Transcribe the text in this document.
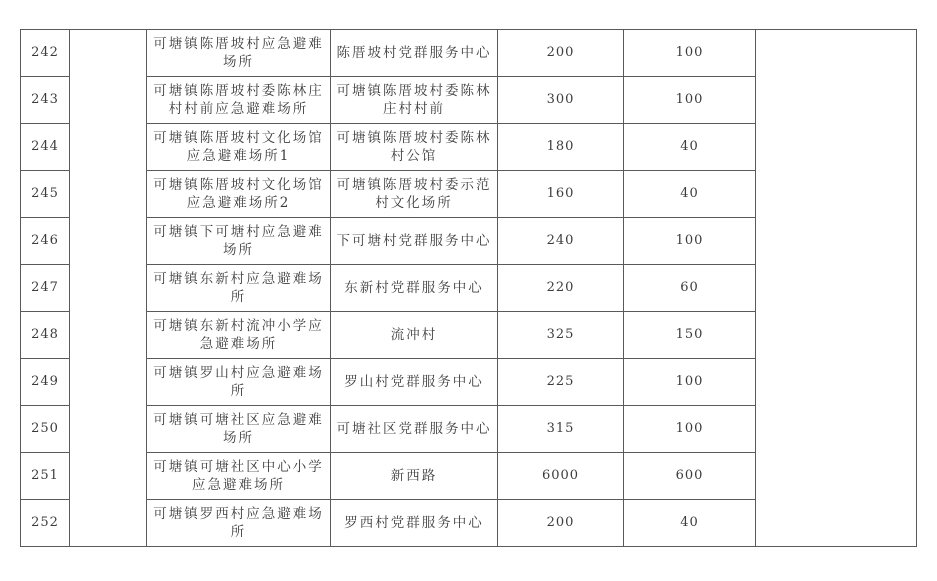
242		可塘镇陈厝坡村应急避难场所	陈厝坡村党群服务中心	200	100	
243		可塘镇陈厝坡村委陈林庄村村前应急避难场所	可塘镇陈厝坡村委陈林庄村村前	300	100	
244		可塘镇陈厝坡村文化场馆应急避难场所1	可塘镇陈厝坡村委陈林村公馆	180	40	
245		可塘镇陈厝坡村文化场馆应急避难场所2	可塘镇陈厝坡村委示范村文化场所	160	40	
246		可塘镇下可塘村应急避难场所	下可塘村党群服务中心	240	100	
247		可塘镇东新村应急避难场所	东新村党群服务中心	220	60	
248		可塘镇东新村流冲小学应急避难场所	流冲村	325	150	
249		可塘镇罗山村应急避难场所	罗山村党群服务中心	225	100	
250		可塘镇可塘社区应急避难场所	可塘社区党群服务中心	315	100	
251		可塘镇可塘社区中心小学应急避难场所	新西路	6000	600	
252		可塘镇罗西村应急避难场所	罗西村党群服务中心	200	40	
